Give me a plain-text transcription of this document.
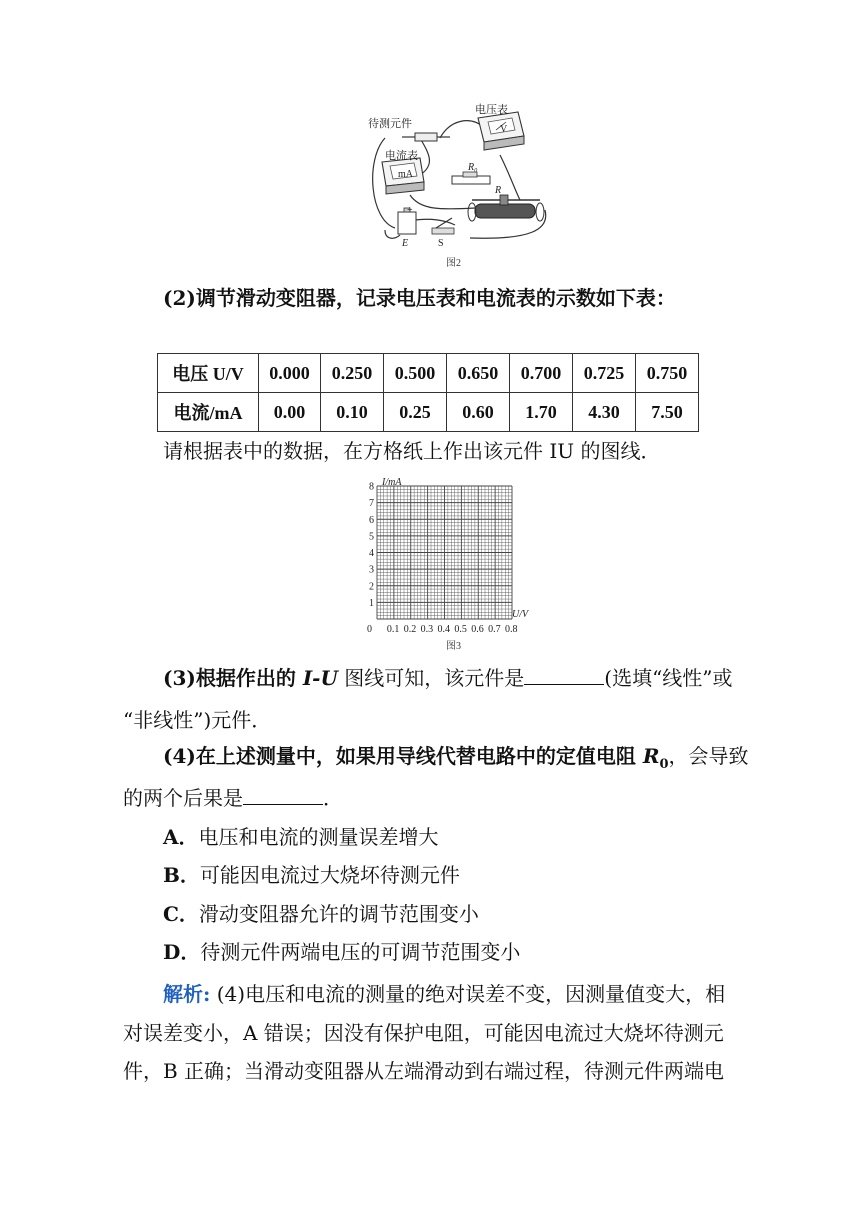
待测元件
电压表
V
电流表
mA
R₀
R
+
E	S
图2
(2)调节滑动变阻器，记录电压表和电流表的示数如下表：
电压 U/V	0.000	0.250	0.500	0.650	0.700	0.725	0.750
电流/mA	0.00	0.10	0.25	0.60	1.70	4.30	7.50
请根据表中的数据，在方格纸上作出该元件 IU 的图线．
1
2
3
4
5
6
7
8
0 0.1 0.2 0.3 0.4 0.5 0.6 0.7 0.8
I/mA
U/V
图3
(3)根据作出的 I-U 图线可知，该元件是	(选填“线性”或
“非线性”)元件．
(4)在上述测量中，如果用导线代替电路中的定值电阻 $R_0$，会导致
的两个后果是	．
A．电压和电流的测量误差增大
B．可能因电流过大烧坏待测元件
C．滑动变阻器允许的调节范围变小
D．待测元件两端电压的可调节范围变小
解析: (4)电压和电流的测量的绝对误差不变，因测量值变大，相
对误差变小，A 错误；因没有保护电阻，可能因电流过大烧坏待测元
件，B 正确；当滑动变阻器从左端滑动到右端过程，待测元件两端电
